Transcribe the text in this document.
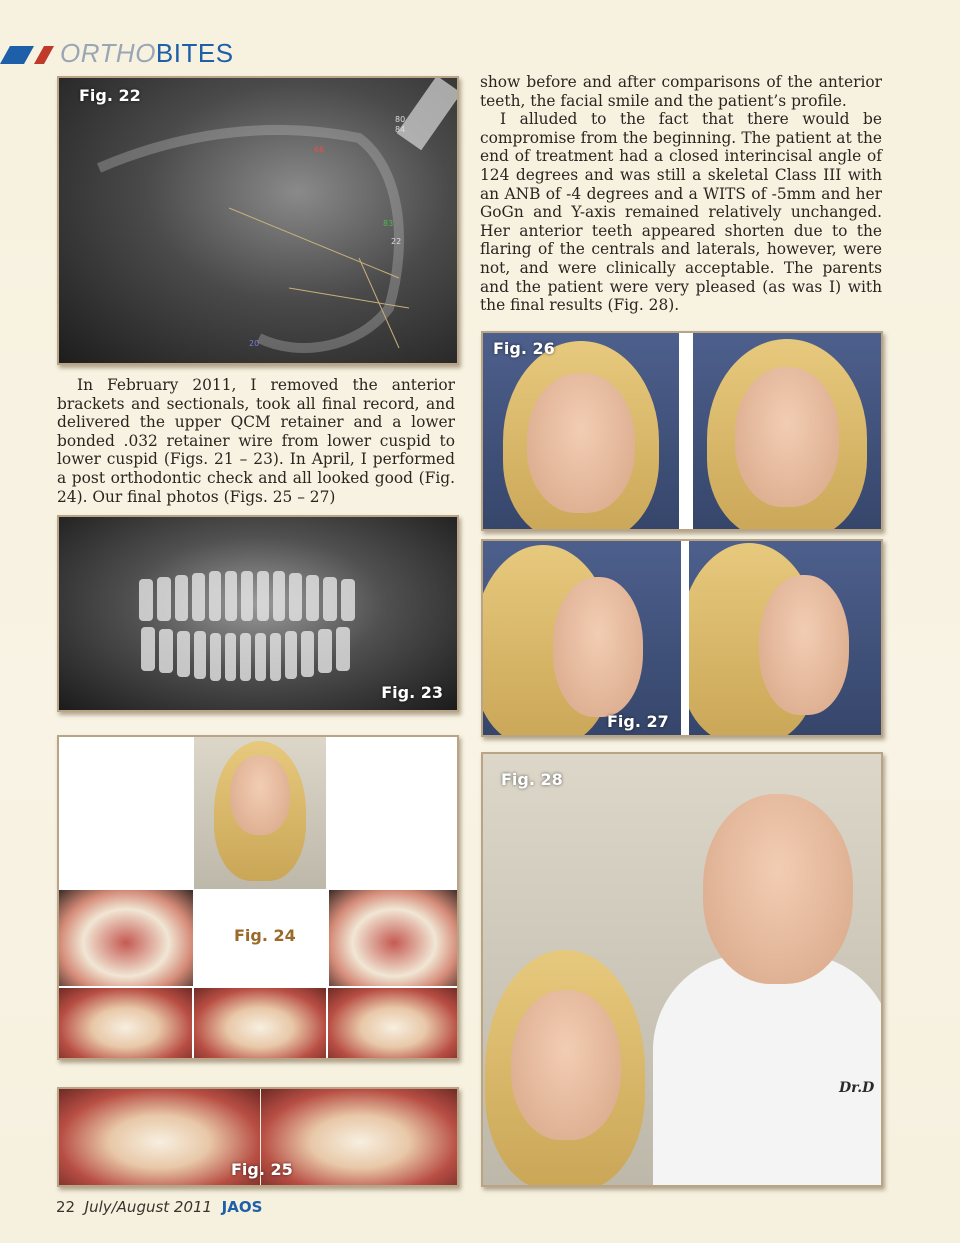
ORTHOBITES
Fig. 22
80
84
66
83
22
20

show before and after comparisons of the anterior teeth, the facial smile and the patient’s profile.

I alluded to the fact that there would be compromise from the beginning. The patient at the end of treatment had a closed interincisal angle of 124 degrees and was still a skeletal Class III with an ANB of -4 degrees and a WITS of -5mm and her GoGn and Y-axis remained relatively unchanged. Her anterior teeth appeared shorten due to the flaring of the centrals and laterals, however, were not, and were clinically acceptable. The parents and the patient were very pleased (as was I) with the final results (Fig. 28).

In February 2011, I removed the anterior brackets and sectionals, took all final record, and delivered the upper QCM retainer and a lower bonded .032 retainer wire from lower cuspid to lower cuspid (Figs. 21 – 23). In April, I performed a post orthodontic check and all looked good (Fig. 24). Our final photos (Figs. 25 – 27)

Fig. 23
Fig. 24
Fig. 25
Fig. 26
Fig. 27
Fig. 28
Dr.D
22 July/August 2011 JAOS
